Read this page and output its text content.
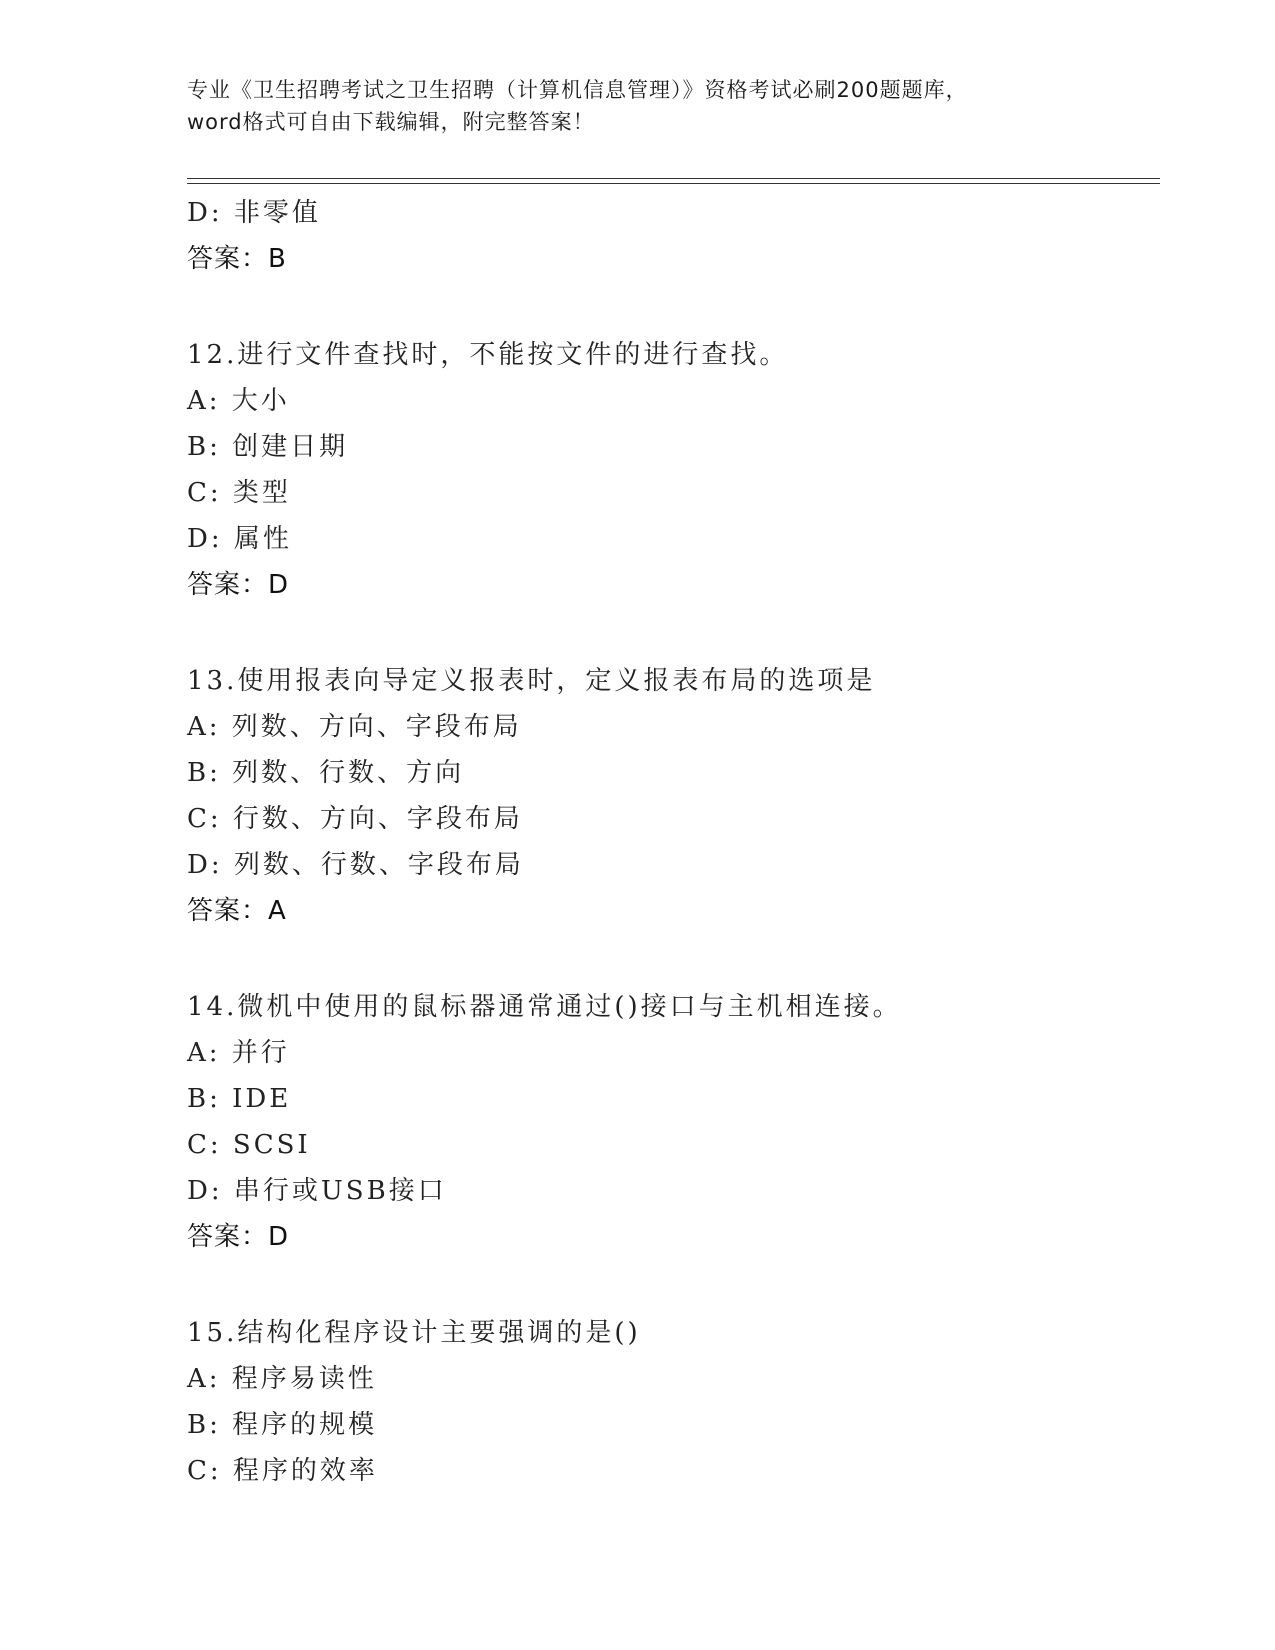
专业《卫生招聘考试之卫生招聘（计算机信息管理）》资格考试必刷200题题库，
word格式可自由下载编辑，附完整答案！
D: 非零值
答案：B
12.进行文件查找时，不能按文件的进行查找。
A: 大小
B: 创建日期
C: 类型
D: 属性
答案：D
13.使用报表向导定义报表时，定义报表布局的选项是
A: 列数、方向、字段布局
B: 列数、行数、方向
C: 行数、方向、字段布局
D: 列数、行数、字段布局
答案：A
14.微机中使用的鼠标器通常通过()接口与主机相连接。
A: 并行
B: IDE
C: SCSI
D: 串行或USB接口
答案：D
15.结构化程序设计主要强调的是()
A: 程序易读性
B: 程序的规模
C: 程序的效率
